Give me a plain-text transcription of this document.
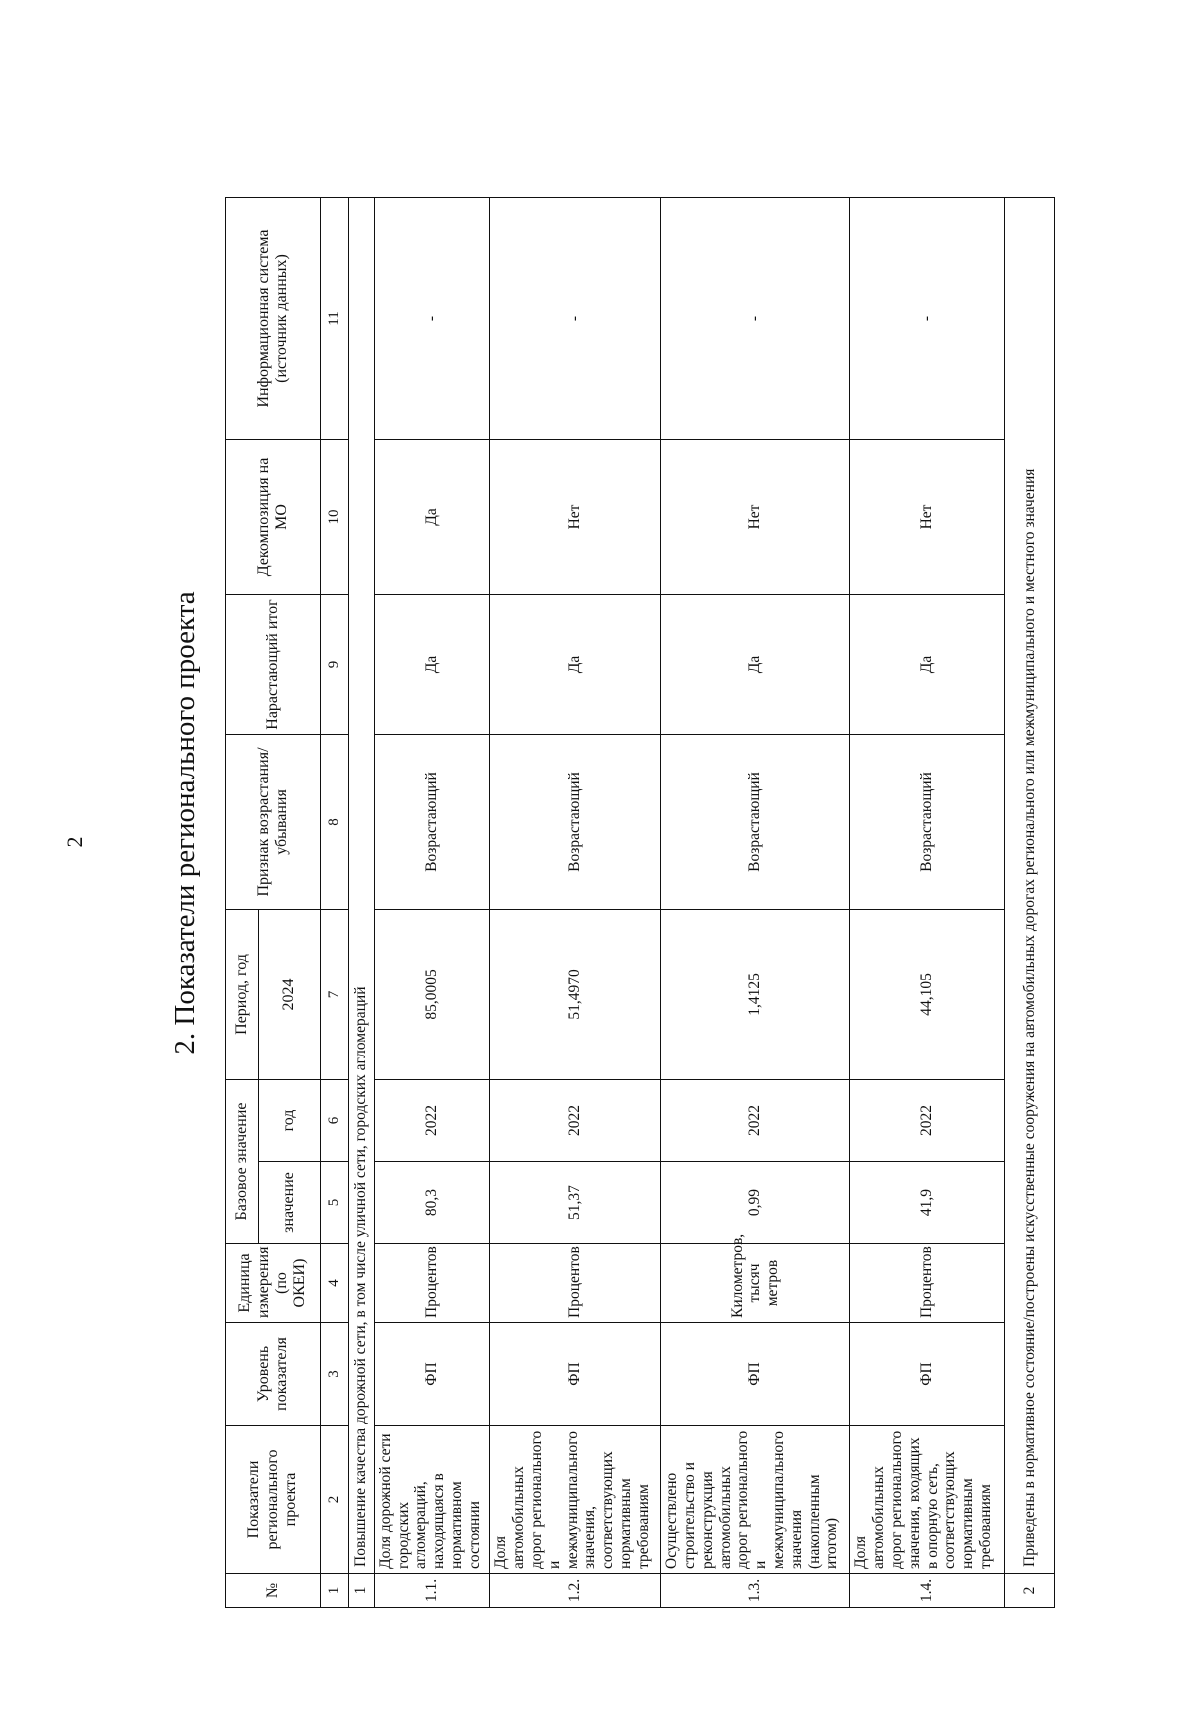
2	2. Показатели регионального проекта
№	Показатели регионального проекта	Уровень показателя	Единица измерения (по ОКЕИ)	Базовое значение		Период, год	Признак возрастания/ убывания	Нарастающий итог	Декомпозиция на МО	Информационная система (источник данных)
				значение	год	2024				
1	2	3	4	5	6	7	8	9	10	11
1	Повышение качества дорожной сети, в том числе уличной сети, городских агломераций									
1.1.	Доля дорожной сети городских агломераций, находящаяся в нормативном состоянии	ФП	Процентов	80,3	2022	85,0005	Возрастающий	Да	Да	-
1.2.	Доля автомобильных дорог регионального и межмуниципального значения, соответствующих нормативным требованиям	ФП	Процентов	51,37	2022	51,4970	Возрастающий	Да	Нет	-
1.3.	Осуществлено строительство и реконструкция автомобильных дорог регионального и межмуниципального значения (накопленным итогом)	ФП	Километров, тысяч метров	0,99	2022	1,4125	Возрастающий	Да	Нет	-
1.4.	Доля автомобильных дорог регионального значения, входящих в опорную сеть, соответствующих нормативным требованиям	ФП	Процентов	41,9	2022	44,105	Возрастающий	Да	Нет	-
2	Приведены в нормативное состояние/построены искусственные сооружения на автомобильных дорогах регионального или межмуниципального и местного значения									
